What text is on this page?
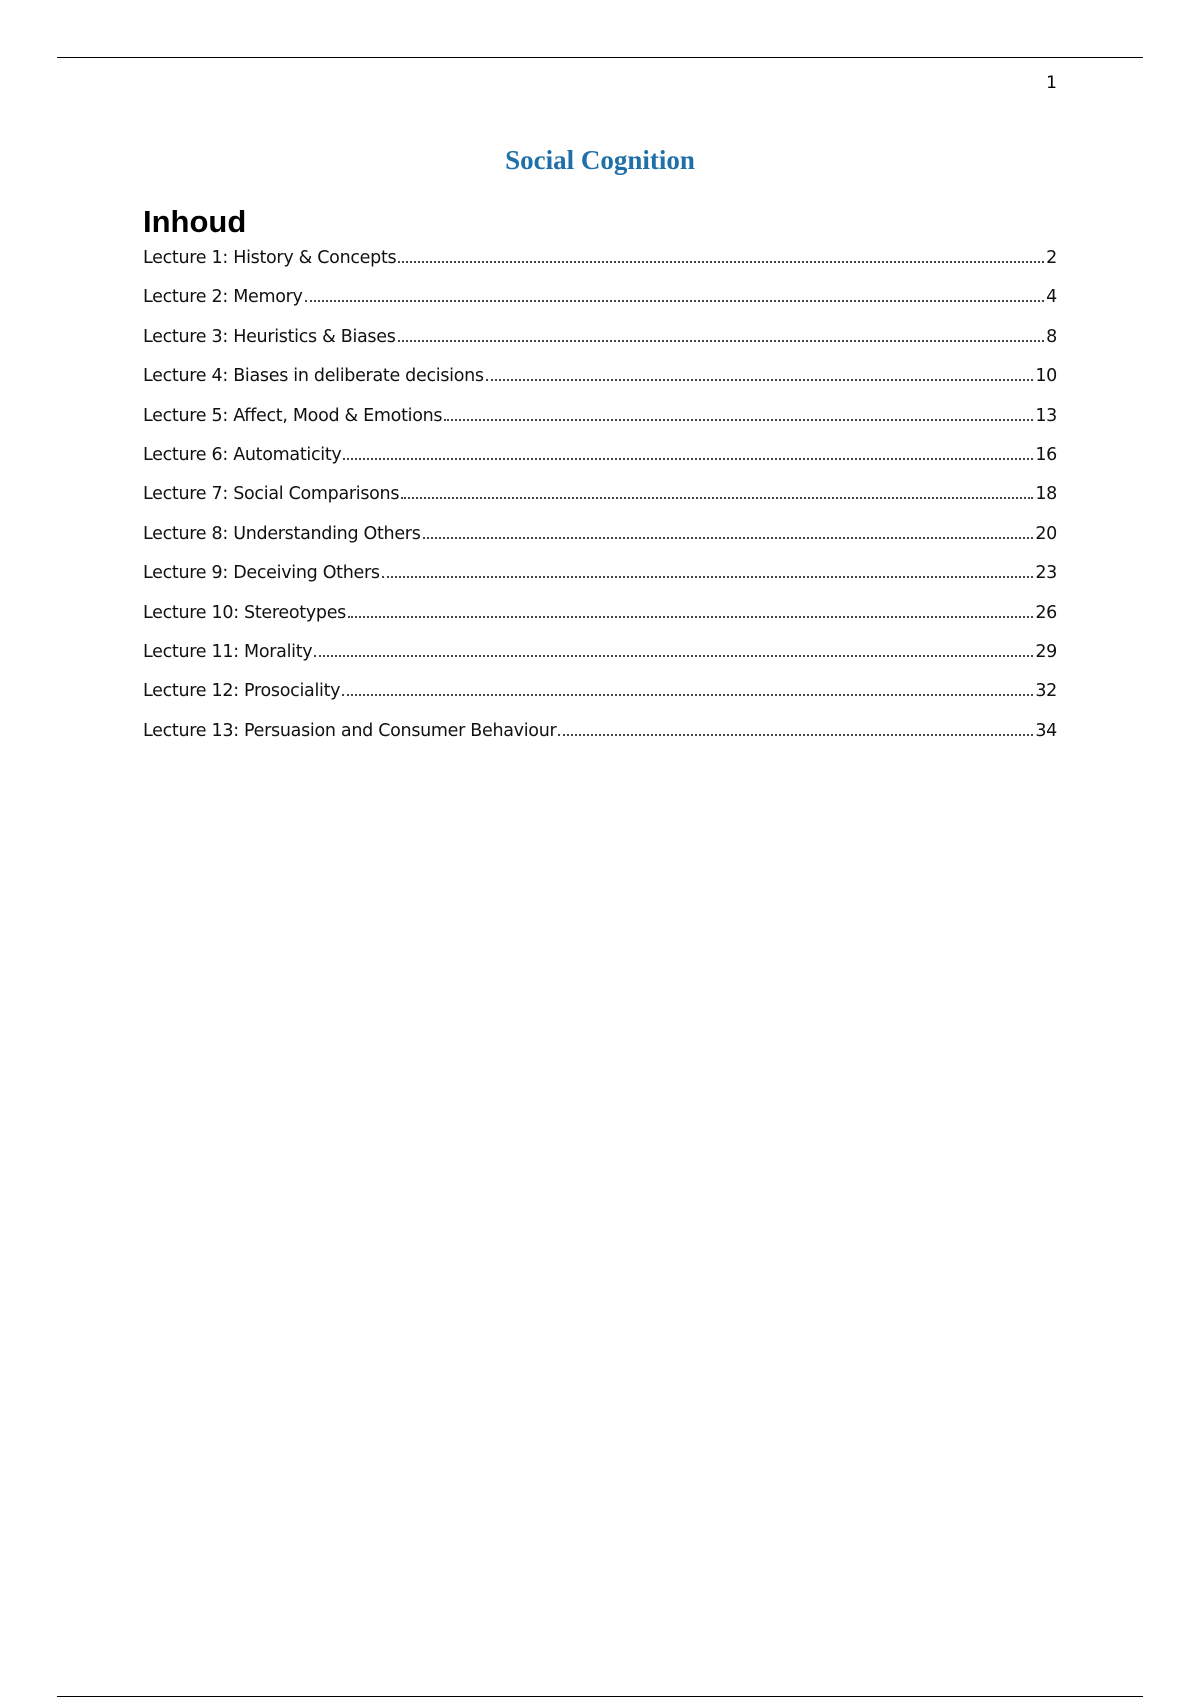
1
Social Cognition
Inhoud
Lecture 1: History & Concepts	2
Lecture 2: Memory	4
Lecture 3: Heuristics & Biases	8
Lecture 4: Biases in deliberate decisions	10
Lecture 5: Affect, Mood & Emotions	13
Lecture 6: Automaticity	16
Lecture 7: Social Comparisons	18
Lecture 8: Understanding Others	20
Lecture 9: Deceiving Others	23
Lecture 10: Stereotypes	26
Lecture 11: Morality	29
Lecture 12: Prosociality	32
Lecture 13: Persuasion and Consumer Behaviour	34
